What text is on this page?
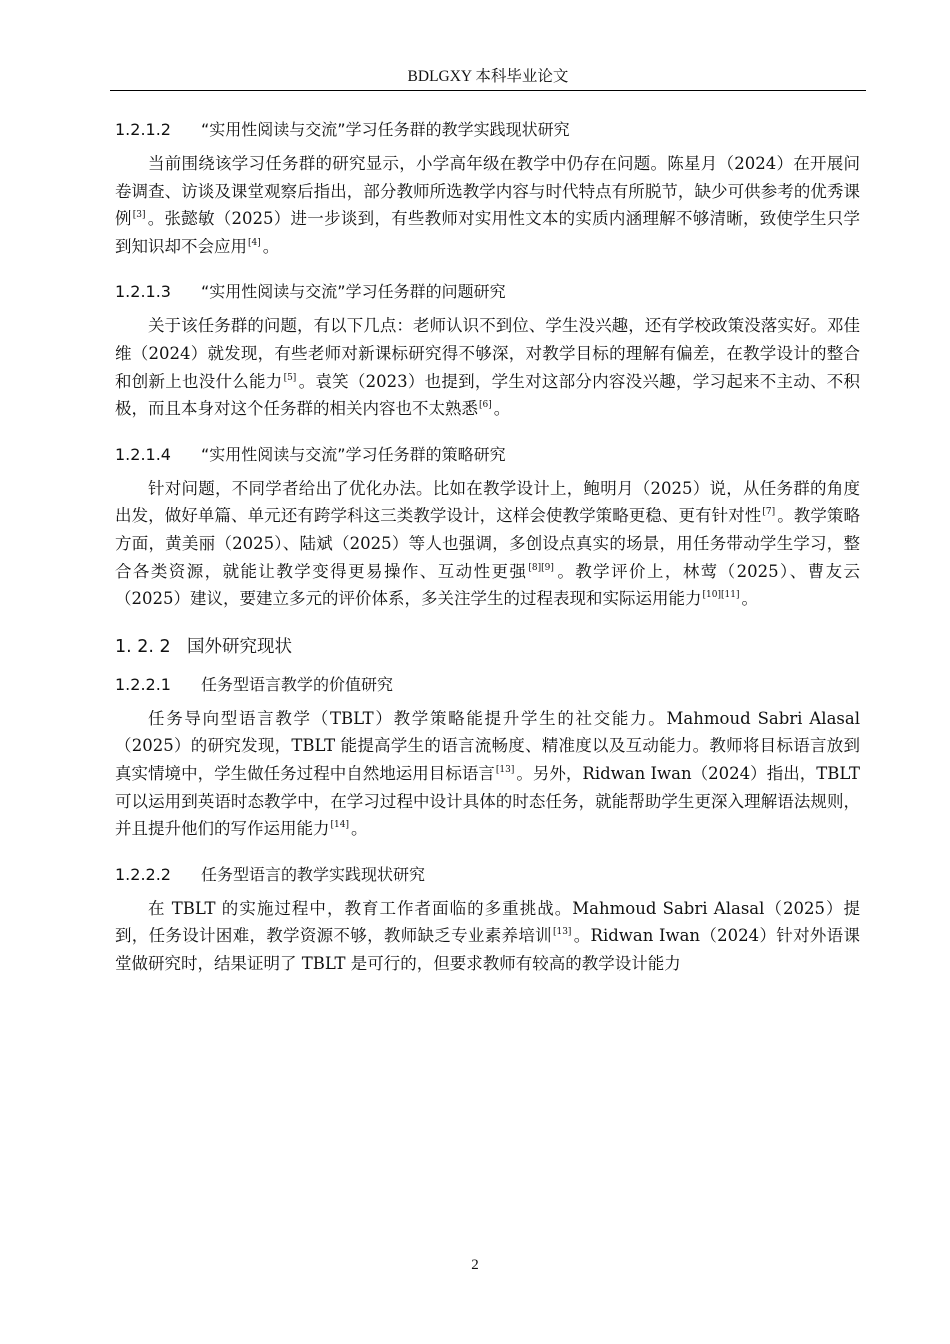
BDLGXY 本科毕业论文
1.2.1.2 “实用性阅读与交流”学习任务群的教学实践现状研究

当前围绕该学习任务群的研究显示，小学高年级在教学中仍存在问题。陈星月（2024）在开展问卷调查、访谈及课堂观察后指出，部分教师所选教学内容与时代特点有所脱节，缺少可供参考的优秀课例[3] 。张懿敏（2025）进一步谈到，有些教师对实用性文本的实质内涵理解不够清晰，致使学生只学到知识却不会应用[4] 。

1.2.1.3 “实用性阅读与交流”学习任务群的问题研究

关于该任务群的问题，有以下几点：老师认识不到位、学生没兴趣，还有学校政策没落实好。邓佳维（2024）就发现，有些老师对新课标研究得不够深，对教学目标的理解有偏差，在教学设计的整合和创新上也没什么能力[5] 。袁笑（2023）也提到，学生对这部分内容没兴趣，学习起来不主动、不积极，而且本身对这个任务群的相关内容也不太熟悉[6] 。

1.2.1.4 “实用性阅读与交流”学习任务群的策略研究

针对问题，不同学者给出了优化办法。比如在教学设计上，鲍明月（2025）说，从任务群的角度出发，做好单篇、单元还有跨学科这三类教学设计，这样会使教学策略更稳、更有针对性[7] 。教学策略方面，黄美丽（2025）、陆斌（2025）等人也强调，多创设点真实的场景，用任务带动学生学习，整合各类资源，就能让教学变得更易操作、互动性更强[8][9] 。教学评价上，林莺（2025）、曹友云（2025）建议，要建立多元的评价体系，多关注学生的过程表现和实际运用能力[10][11] 。

1. 2. 2 国外研究现状
1.2.2.1 任务型语言教学的价值研究

任务导向型语言教学（TBLT）教学策略能提升学生的社交能力。Mahmoud Sabri Alasal（2025）的研究发现，TBLT 能提高学生的语言流畅度、精准度以及互动能力。教师将目标语言放到真实情境中，学生做任务过程中自然地运用目标语言[13] 。另外，Ridwan Iwan（2024）指出，TBLT 可以运用到英语时态教学中，在学习过程中设计具体的时态任务，就能帮助学生更深入理解语法规则，并且提升他们的写作运用能力[14] 。

1.2.2.2 任务型语言的教学实践现状研究

在 TBLT 的实施过程中，教育工作者面临的多重挑战。Mahmoud Sabri Alasal（2025）提到，任务设计困难，教学资源不够，教师缺乏专业素养培训[13] 。Ridwan Iwan（2024）针对外语课堂做研究时，结果证明了 TBLT 是可行的，但要求教师有较高的教学设计能力

2
